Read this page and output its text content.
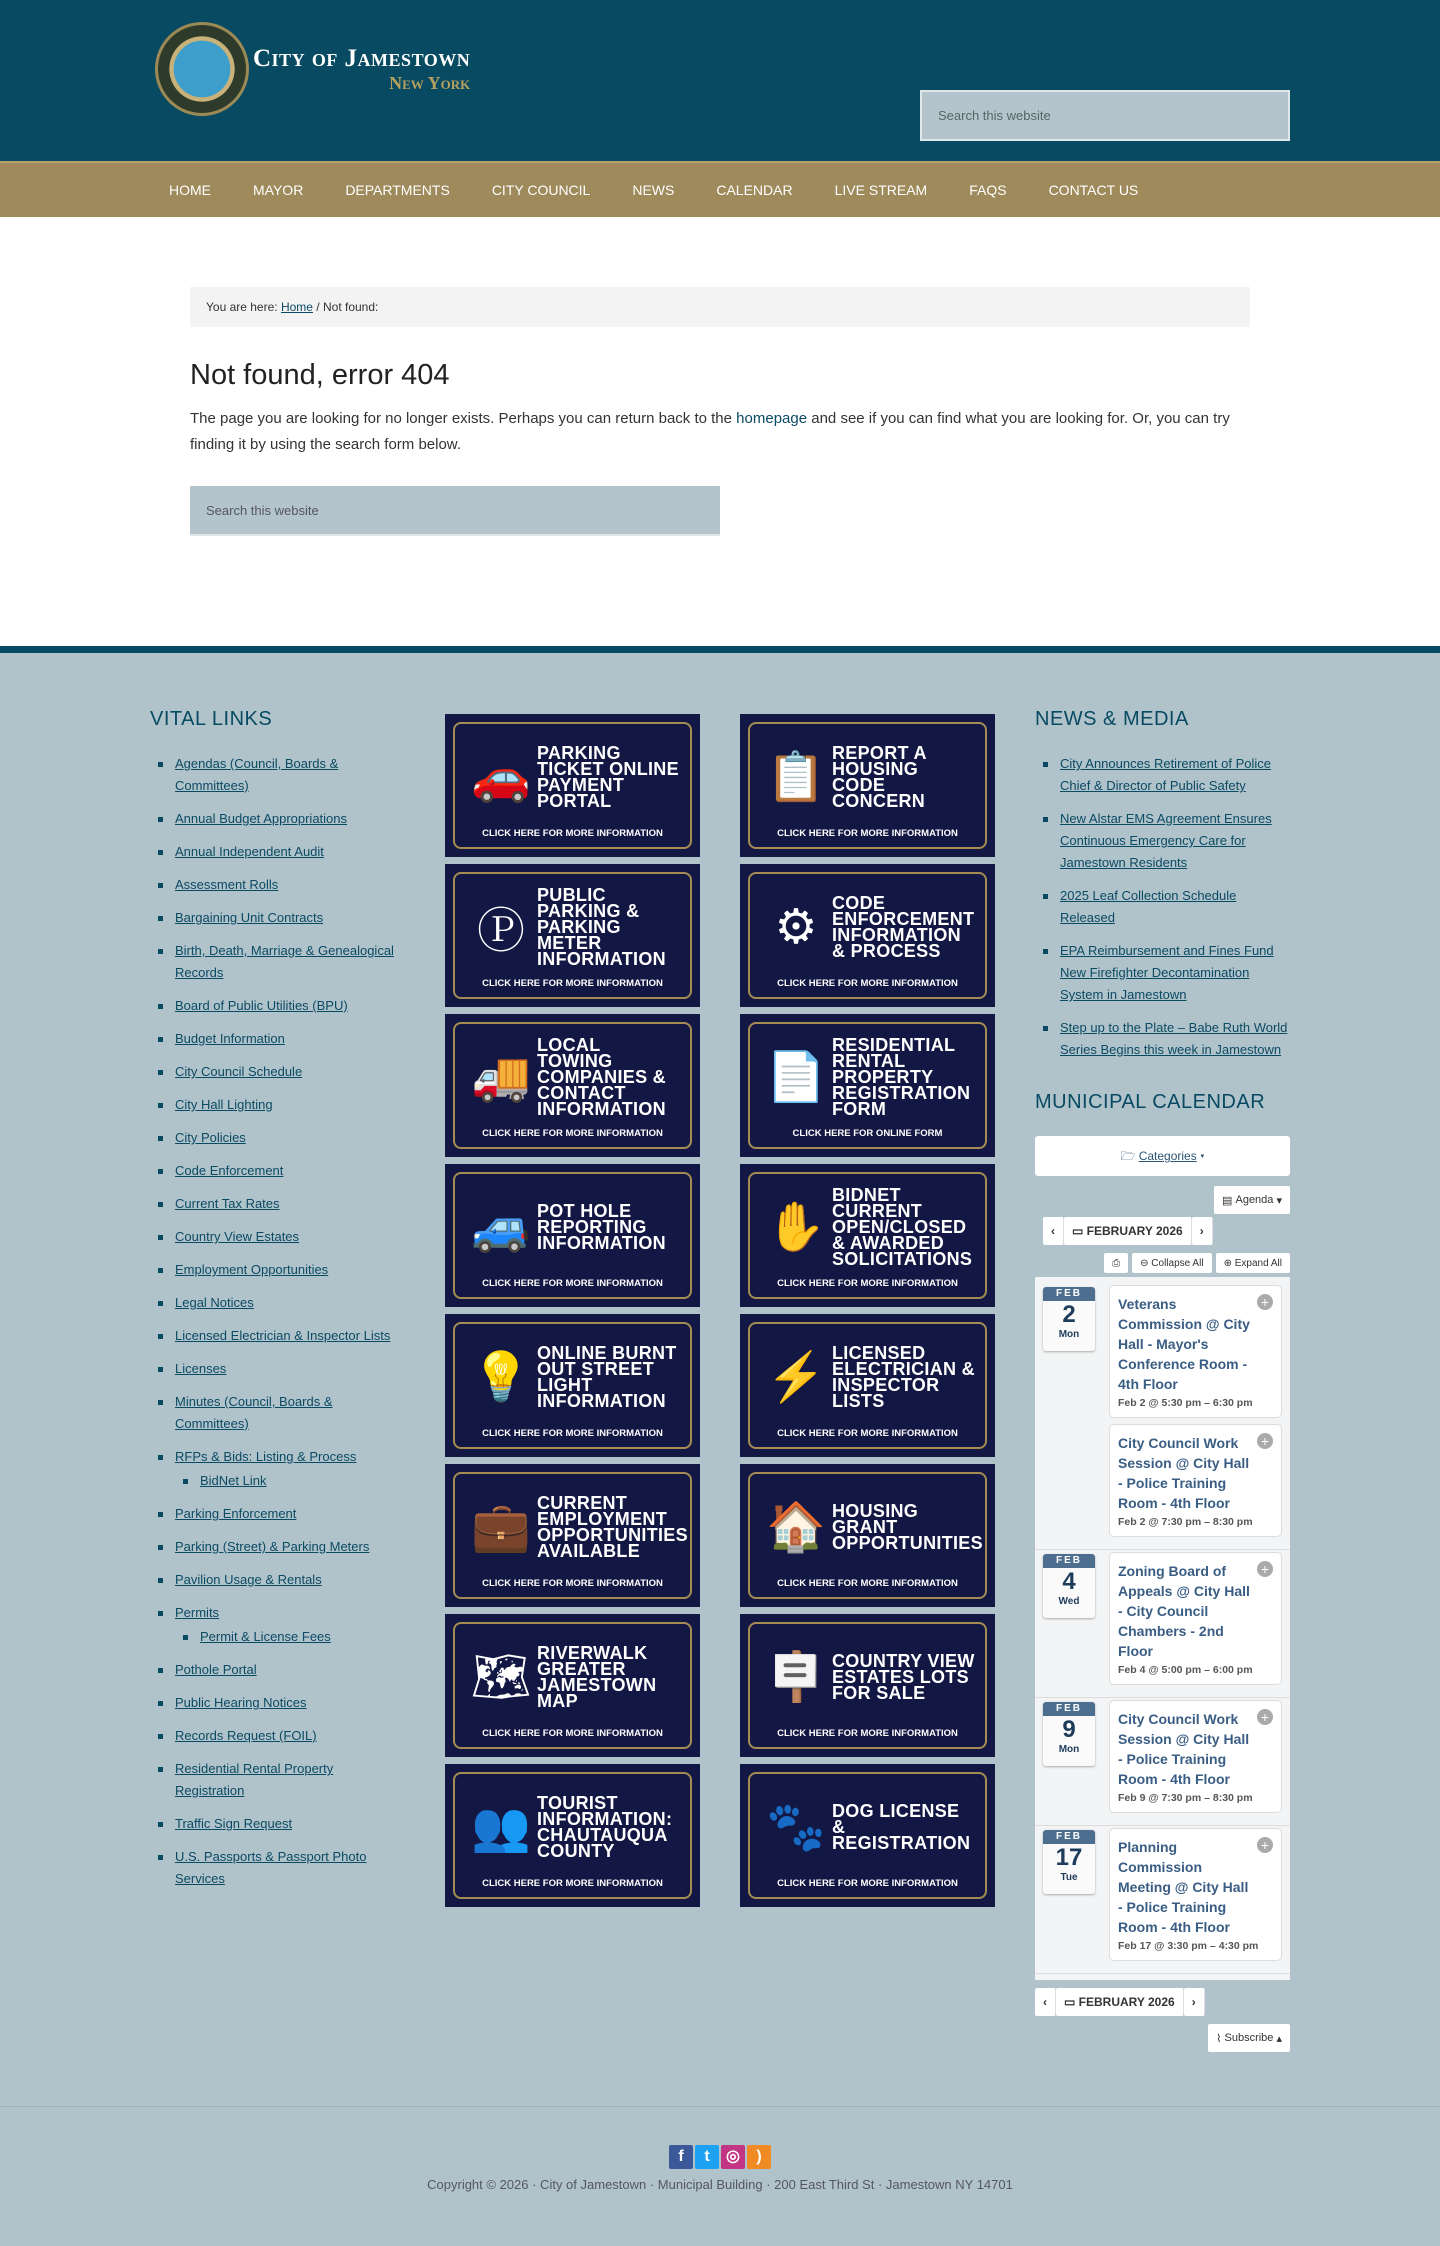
City of Jamestown
New York
Search this website
HOME	MAYOR	DEPARTMENTS	CITY COUNCIL	NEWS	CALENDAR	LIVE STREAM	FAQS	CONTACT US
You are here: Home / Not found:
Not found, error 404

The page you are looking for no longer exists. Perhaps you can return back to the homepage and see if you can find what you are looking for. Or, you can try finding it by using the search form below.

Search this website
VITAL LINKS
Agendas (Council, Boards & Committees)
Annual Budget Appropriations
Annual Independent Audit
Assessment Rolls
Bargaining Unit Contracts
Birth, Death, Marriage & Genealogical Records
Board of Public Utilities (BPU)
Budget Information
City Council Schedule
City Hall Lighting
City Policies
Code Enforcement
Current Tax Rates
Country View Estates
Employment Opportunities
Legal Notices
Licensed Electrician & Inspector Lists
Licenses
Minutes (Council, Boards & Committees)
RFPs & Bids: Listing & Process
BidNet Link
Parking Enforcement
Parking (Street) & Parking Meters
Pavilion Usage & Rentals
Permits
Permit & License Fees
Pothole Portal
Public Hearing Notices
Records Request (FOIL)
Residential Rental Property Registration
Traffic Sign Request
U.S. Passports & Passport Photo Services
🚗 PARKING TICKET ONLINE PAYMENT PORTAL
CLICK HERE FOR MORE INFORMATION
Ⓟ
PUBLIC PARKING & PARKING METER INFORMATION
CLICK HERE FOR MORE INFORMATION
🚚
LOCAL TOWING COMPANIES & CONTACT INFORMATION
CLICK HERE FOR MORE INFORMATION
🚙 POT HOLE REPORTING INFORMATION
CLICK HERE FOR MORE INFORMATION
💡 ONLINE BURNT OUT STREET LIGHT INFORMATION
CLICK HERE FOR MORE INFORMATION
💼 CURRENT EMPLOYMENT OPPORTUNITIES AVAILABLE
CLICK HERE FOR MORE INFORMATION
🗺 RIVERWALK GREATER JAMESTOWN MAP
CLICK HERE FOR MORE INFORMATION
👥 TOURIST INFORMATION: CHAUTAUQUA COUNTY
CLICK HERE FOR MORE INFORMATION
📋 REPORT A HOUSING CODE CONCERN
CLICK HERE FOR MORE INFORMATION
⚙ CODE ENFORCEMENT INFORMATION & PROCESS
CLICK HERE FOR MORE INFORMATION
📄
RESIDENTIAL RENTAL PROPERTY REGISTRATION FORM
CLICK HERE FOR ONLINE FORM
✋
BIDNET CURRENT OPEN/CLOSED & AWARDED SOLICITATIONS
CLICK HERE FOR MORE INFORMATION
⚡ LICENSED ELECTRICIAN & INSPECTOR LISTS
CLICK HERE FOR MORE INFORMATION
🏠 HOUSING GRANT OPPORTUNITIES
CLICK HERE FOR MORE INFORMATION
🪧 COUNTRY VIEW ESTATES LOTS FOR SALE
CLICK HERE FOR MORE INFORMATION
🐾 DOG LICENSE & REGISTRATION
CLICK HERE FOR MORE INFORMATION
NEWS & MEDIA
City Announces Retirement of Police Chief & Director of Public Safety
New Alstar EMS Agreement Ensures Continuous Emergency Care for Jamestown Residents
2025 Leaf Collection Schedule Released
EPA Reimbursement and Fines Fund New Firefighter Decontamination System in Jamestown
Step up to the Plate – Babe Ruth World Series Begins this week in Jamestown
MUNICIPAL CALENDAR
🗁 Categories ▾
▤ Agenda ▾
‹	▭ FEBRUARY 2026	›
⎙	⊖ Collapse All	⊕ Expand All
FEB
2
Mon
+
Veterans Commission @ City Hall - Mayor's Conference Room - 4th Floor
Feb 2 @ 5:30 pm – 6:30 pm
+
City Council Work Session @ City Hall - Police Training Room - 4th Floor
Feb 2 @ 7:30 pm – 8:30 pm
FEB
4
Wed
+
Zoning Board of Appeals @ City Hall - City Council Chambers - 2nd Floor
Feb 4 @ 5:00 pm – 6:00 pm
FEB
9
Mon
+
City Council Work Session @ City Hall - Police Training Room - 4th Floor
Feb 9 @ 7:30 pm – 8:30 pm
FEB
17
Tue
+
Planning Commission Meeting @ City Hall - Police Training Room - 4th Floor
Feb 17 @ 3:30 pm – 4:30 pm
‹	▭ FEBRUARY 2026	›
⌇ Subscribe ▴
f	t	◎	)
Copyright © 2026 · City of Jamestown · Municipal Building · 200 East Third St · Jamestown NY 14701
